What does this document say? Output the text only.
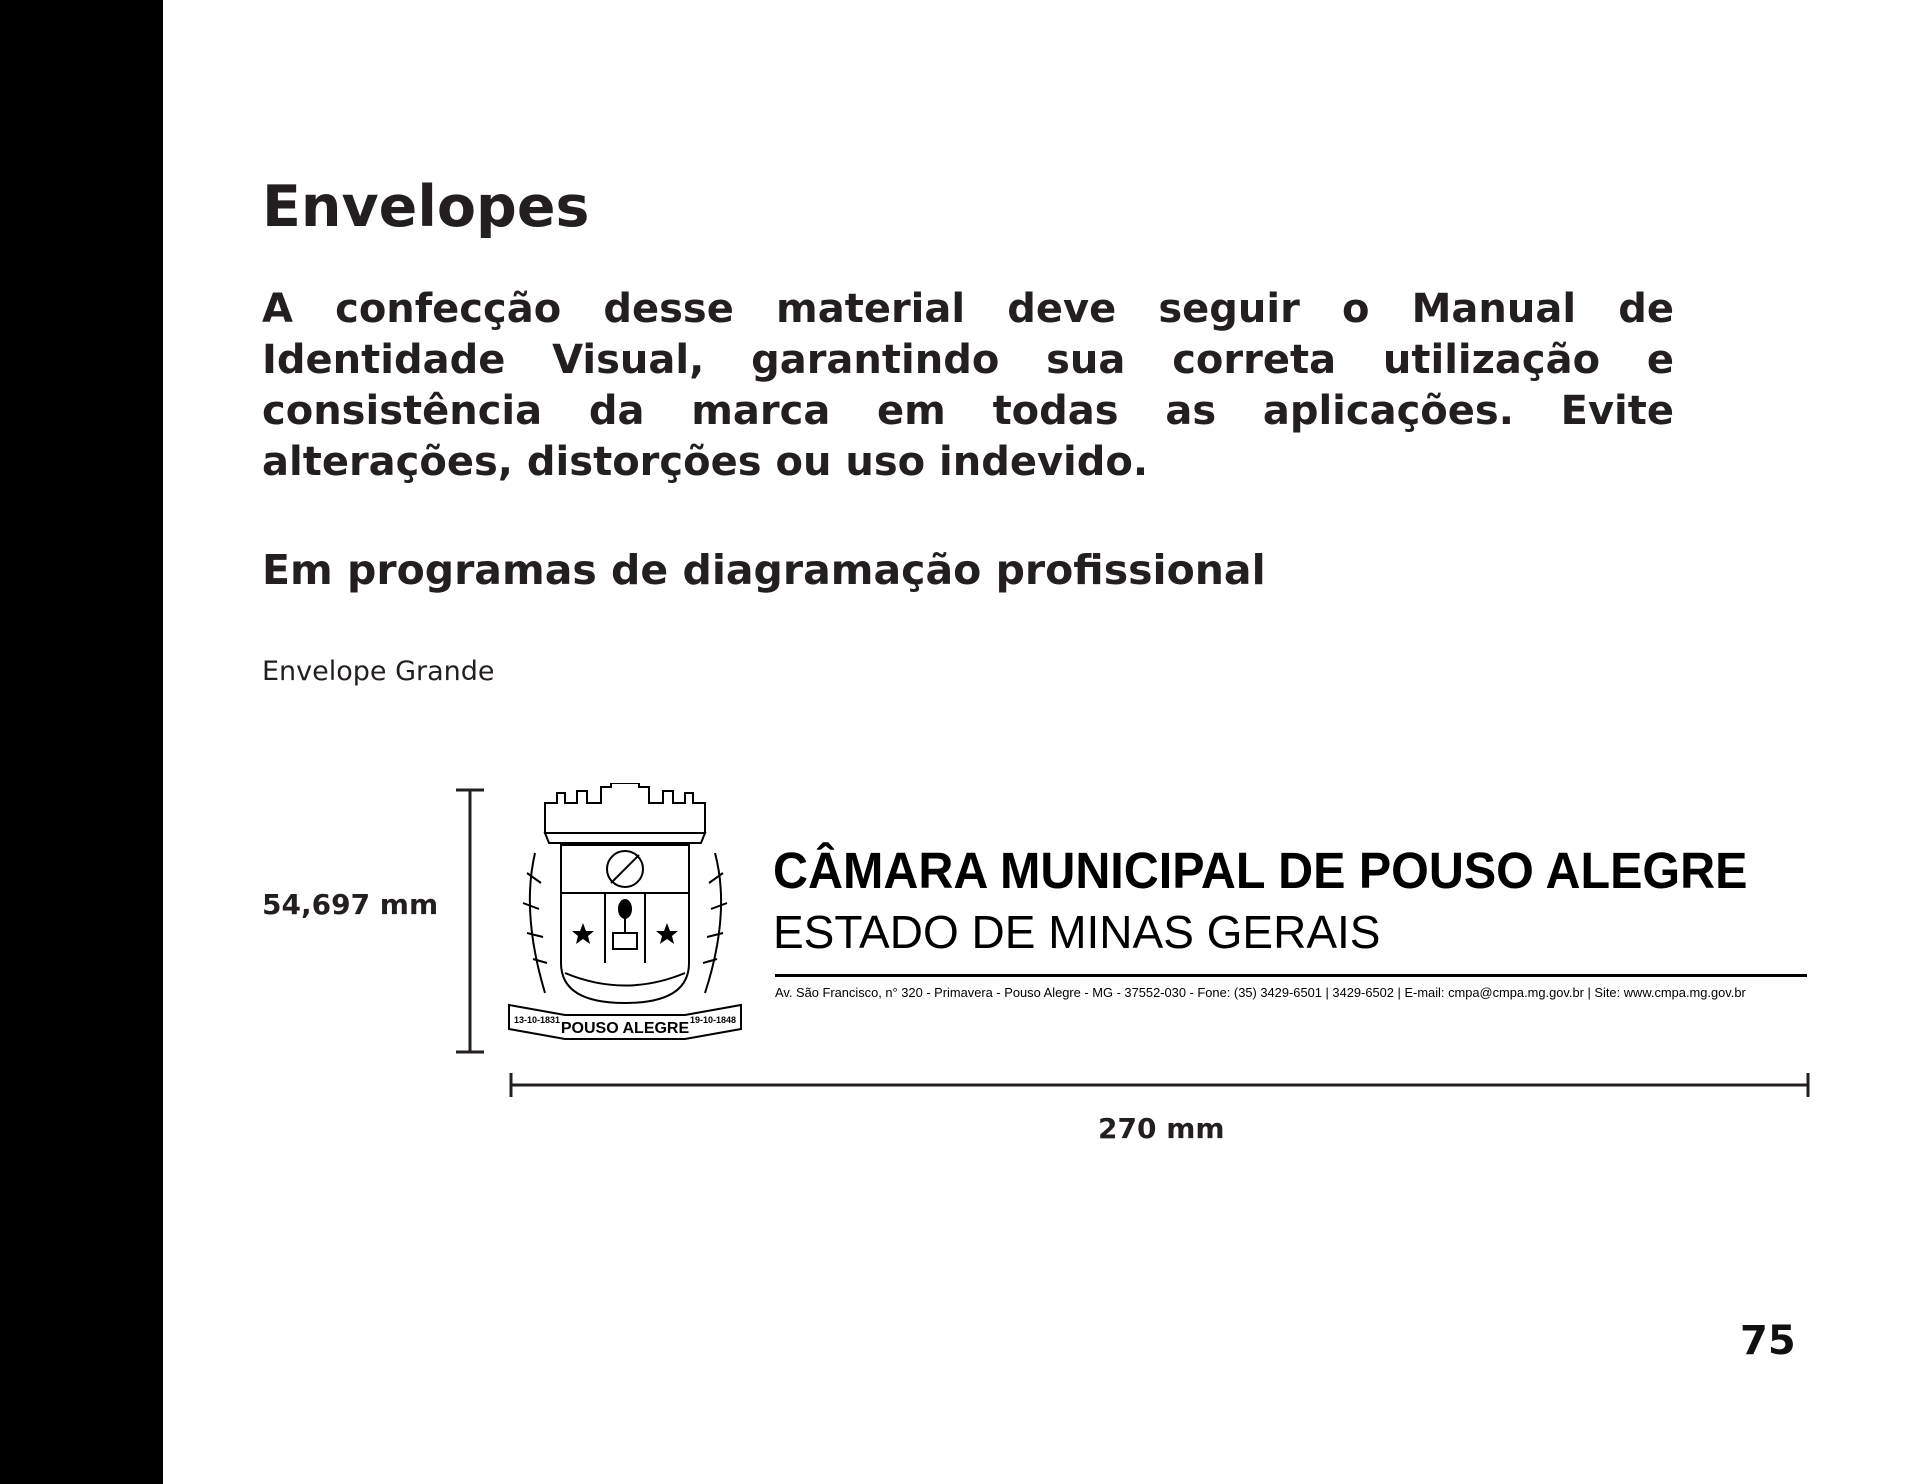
Envelopes

A confecção desse material deve seguir o Manual de Identidade Visual, garantindo sua correta utilização e consistência da marca em todas as aplicações. Evite alterações, distorções ou uso indevido.

Em programas de diagramação profissional
Envelope Grande
54,697 mm
270 mm
POUSO ALEGRE
13-10-1831	19-10-1848
CÂMARA MUNICIPAL DE POUSO ALEGRE
ESTADO DE MINAS GERAIS
Av. São Francisco, n° 320 - Primavera - Pouso Alegre - MG - 37552-030 - Fone: (35) 3429-6501 | 3429-6502 | E-mail: cmpa@cmpa.mg.gov.br | Site: www.cmpa.mg.gov.br
75
